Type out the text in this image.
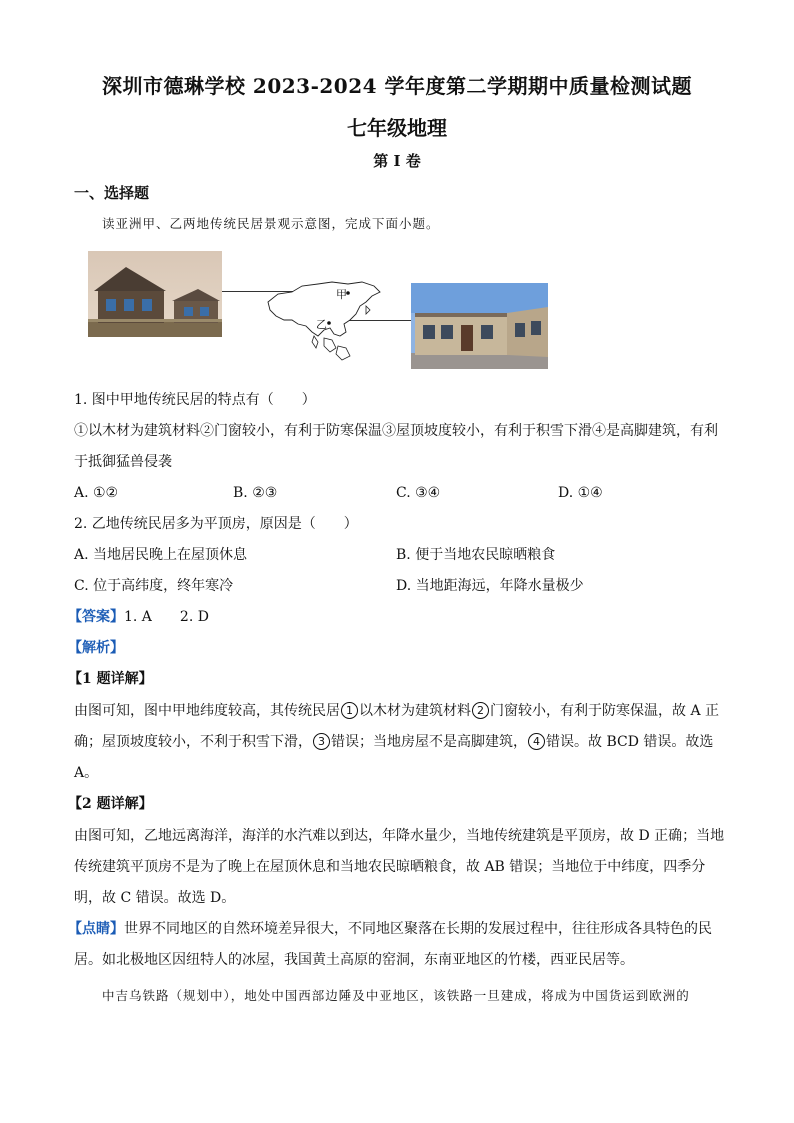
深圳市德琳学校 2023-2024 学年度第二学期期中质量检测试题
七年级地理
第 I 卷
一、选择题
读亚洲甲、乙两地传统民居景观示意图，完成下面小题。
甲
乙
1. 图中甲地传统民居的特点有（　　）
①以木材为建筑材料②门窗较小，有利于防寒保温③屋顶坡度较小，有利于积雪下滑④是高脚建筑，有利
于抵御猛兽侵袭
A. ①②	B. ②③	C. ③④	D. ①④
2. 乙地传统民居多为平顶房，原因是（　　）
A. 当地居民晚上在屋顶休息	B. 便于当地农民晾晒粮食
C. 位于高纬度，终年寒冷	D. 当地距海远，年降水量极少
【答案】1. A　　2. D
【解析】
【1 题详解】
由图可知，图中甲地纬度较高，其传统民居 1 以木材为建筑材料 2 门窗较小，有利于防寒保温，故 A 正
确；屋顶坡度较小，不利于积雪下滑， 3 错误；当地房屋不是高脚建筑， 4 错误。故 BCD 错误。故选
A。
【2 题详解】
由图可知，乙地远离海洋，海洋的水汽难以到达，年降水量少，当地传统建筑是平顶房，故 D 正确；当地
传统建筑平顶房不是为了晚上在屋顶休息和当地农民晾晒粮食，故 AB 错误；当地位于中纬度，四季分
明，故 C 错误。故选 D。
【点睛】世界不同地区的自然环境差异很大，不同地区聚落在长期的发展过程中，往往形成各具特色的民
居。如北极地区因纽特人的冰屋，我国黄土高原的窑洞，东南亚地区的竹楼，西亚民居等。
中吉乌铁路（规划中），地处中国西部边陲及中亚地区，该铁路一旦建成，将成为中国货运到欧洲的
